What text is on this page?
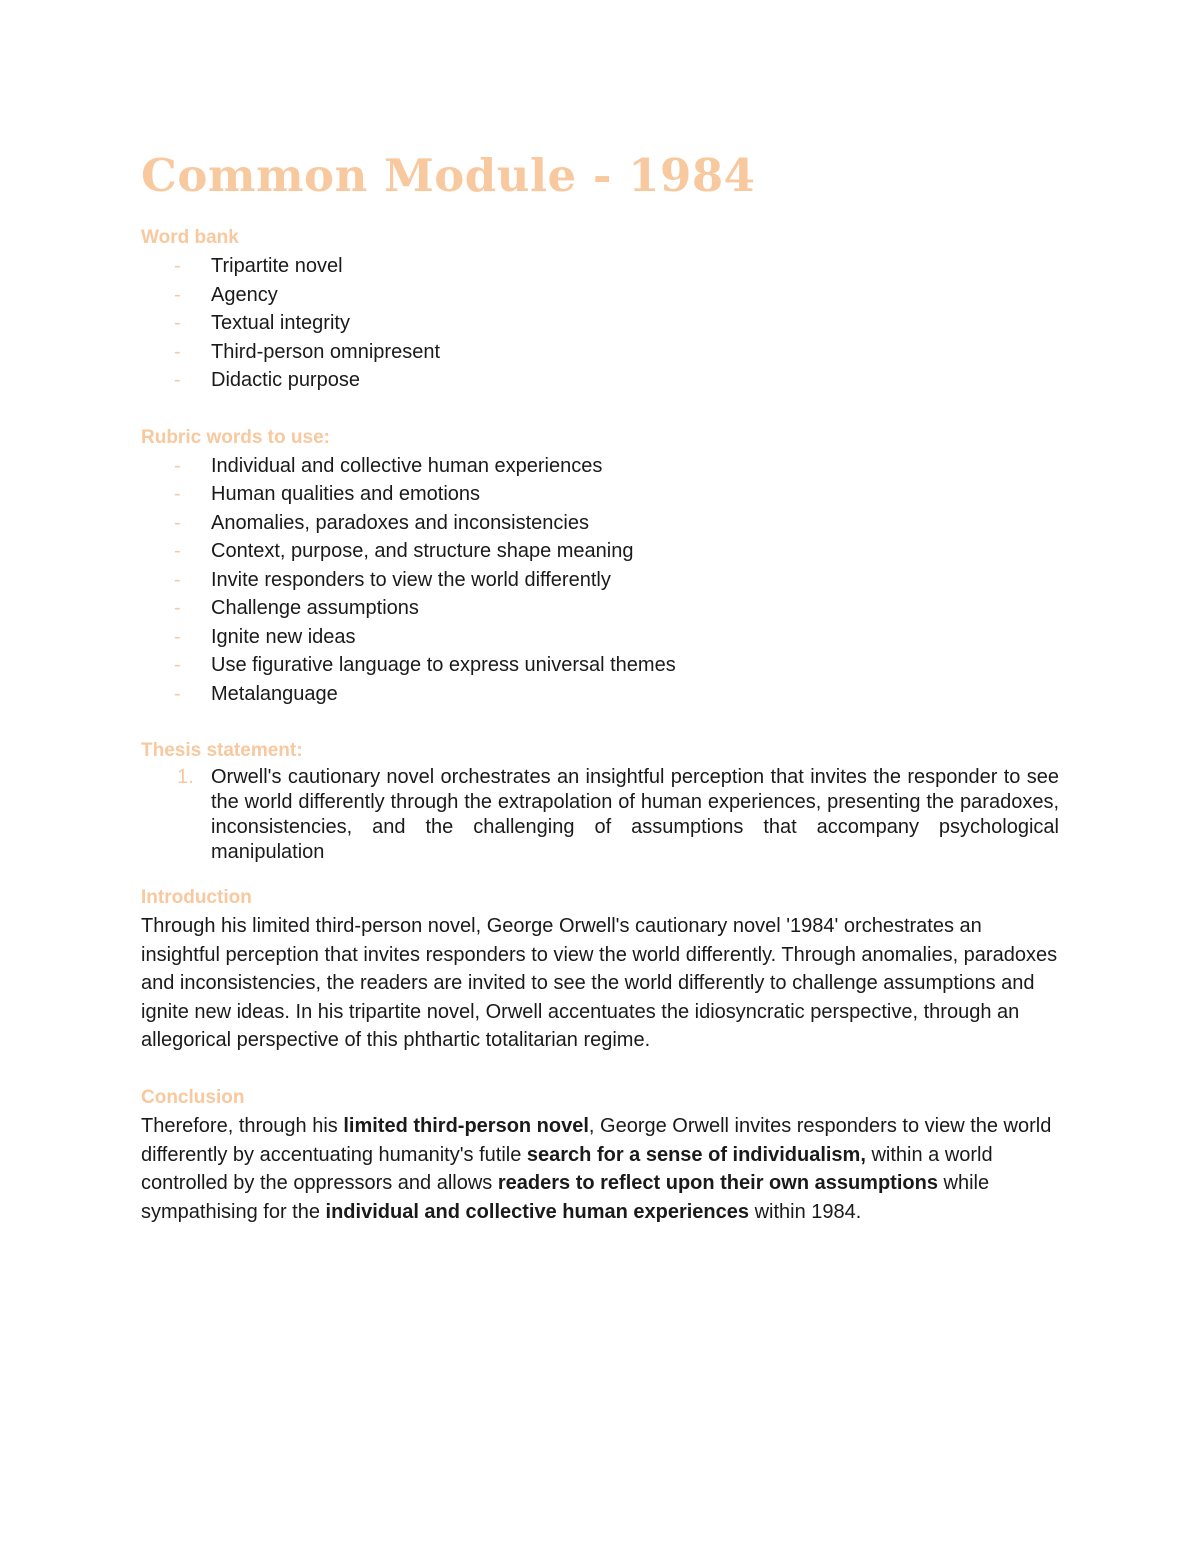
Common Module - 1984
Word bank
- Tripartite novel
- Agency
- Textual integrity
- Third-person omnipresent
- Didactic purpose
Rubric words to use:
- Individual and collective human experiences
- Human qualities and emotions
- Anomalies, paradoxes and inconsistencies
- Context, purpose, and structure shape meaning
- Invite responders to view the world differently
- Challenge assumptions
- Ignite new ideas
- Use figurative language to express universal themes
- Metalanguage
Thesis statement:
1. Orwell's cautionary novel orchestrates an insightful perception that invites the responder to see the world differently through the extrapolation of human experiences, presenting the paradoxes, inconsistencies, and the challenging of assumptions that accompany psychological manipulation
Introduction

Through his limited third-person novel, George Orwell's cautionary novel '1984' orchestrates an insightful perception that invites responders to view the world differently. Through anomalies, paradoxes and inconsistencies, the readers are invited to see the world differently to challenge assumptions and ignite new ideas. In his tripartite novel, Orwell accentuates the idiosyncratic perspective, through an allegorical perspective of this phthartic totalitarian regime.

Conclusion

Therefore, through his limited third-person novel, George Orwell invites responders to view the world differently by accentuating humanity's futile search for a sense of individualism, within a world controlled by the oppressors and allows readers to reflect upon their own assumptions while sympathising for the individual and collective human experiences within 1984.
